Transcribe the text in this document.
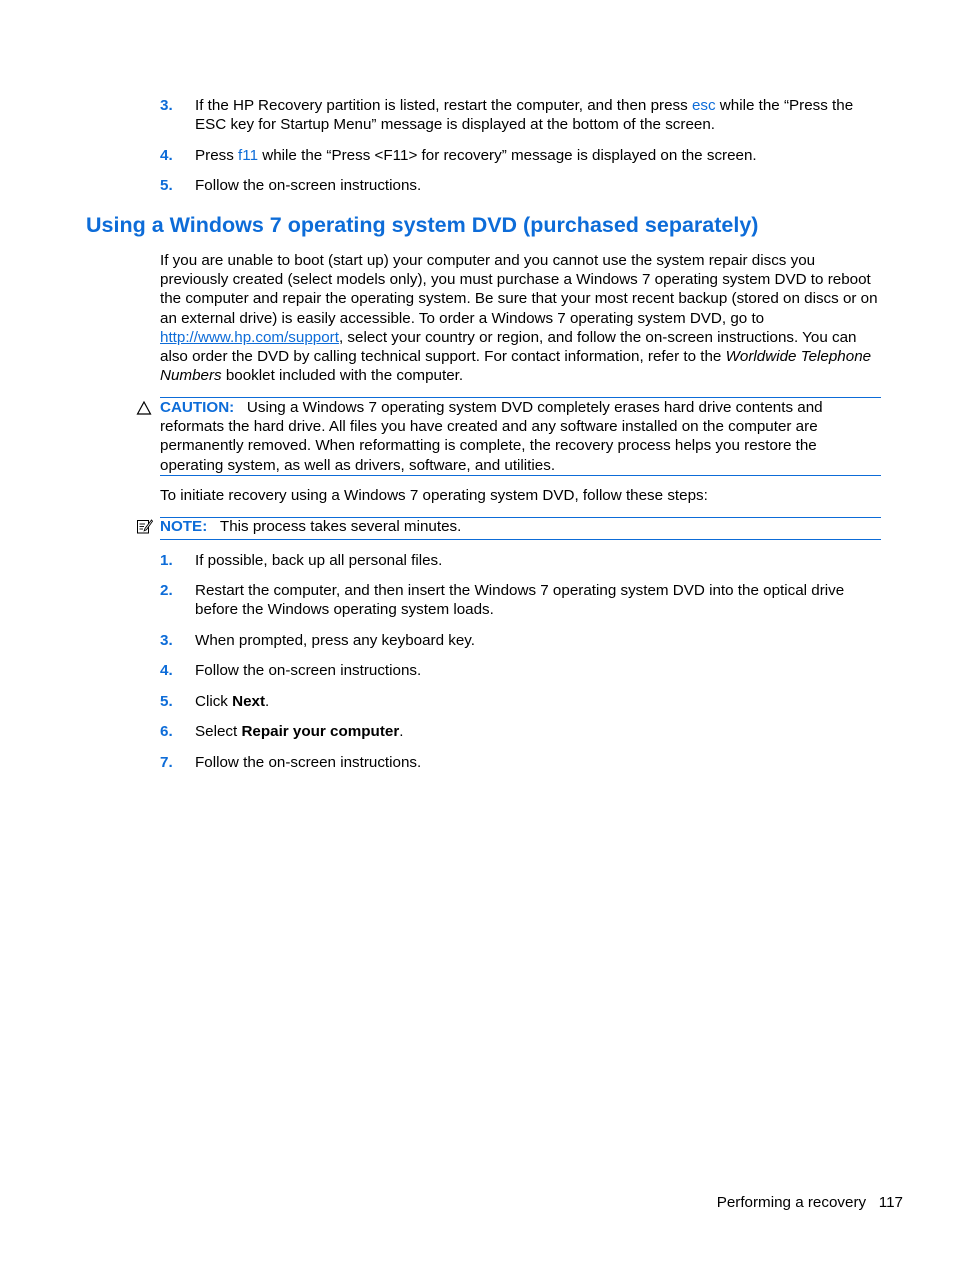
3. If the HP Recovery partition is listed, restart the computer, and then press esc while the “Press the ESC key for Startup Menu” message is displayed at the bottom of the screen.
4. Press f11 while the “Press <F11> for recovery” message is displayed on the screen.
5. Follow the on-screen instructions.
Using a Windows 7 operating system DVD (purchased separately)
If you are unable to boot (start up) your computer and you cannot use the system repair discs you previously created (select models only), you must purchase a Windows 7 operating system DVD to reboot the computer and repair the operating system. Be sure that your most recent backup (stored on discs or on an external drive) is easily accessible. To order a Windows 7 operating system DVD, go to http://www.hp.com/support, select your country or region, and follow the on-screen instructions. You can also order the DVD by calling technical support. For contact information, refer to the Worldwide Telephone Numbers booklet included with the computer.
CAUTION: Using a Windows 7 operating system DVD completely erases hard drive contents and reformats the hard drive. All files you have created and any software installed on the computer are permanently removed. When reformatting is complete, the recovery process helps you restore the operating system, as well as drivers, software, and utilities.
To initiate recovery using a Windows 7 operating system DVD, follow these steps:
NOTE: This process takes several minutes.
1. If possible, back up all personal files.
2. Restart the computer, and then insert the Windows 7 operating system DVD into the optical drive before the Windows operating system loads.
3. When prompted, press any keyboard key.
4. Follow the on-screen instructions.
5. Click Next.
6. Select Repair your computer.
7. Follow the on-screen instructions.
Performing a recovery 117
